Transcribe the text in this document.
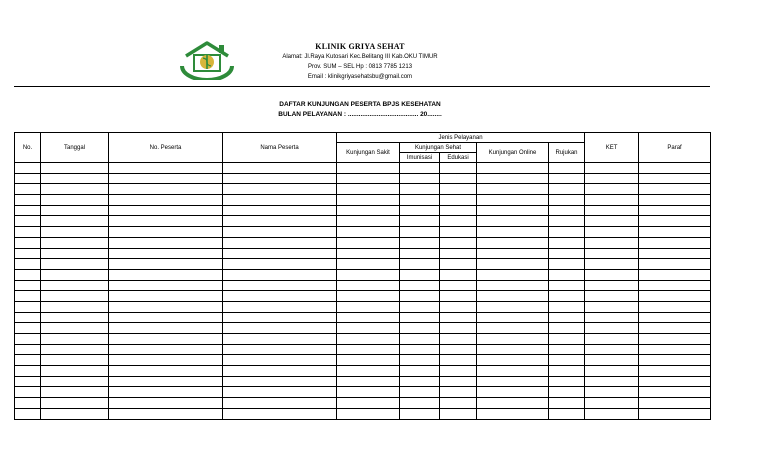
KLINIK GRIYA SEHAT
Alamat: Jl.Raya Kutosari Kec.Belitang III Kab.OKU TIMUR
Prov. SUM – SEL Hp : 0813 7785 1213
Email : klinikgriyasehatsbu@gmail.com
DAFTAR KUNJUNGAN PESERTA BPJS KESEHATAN
BULAN PELAYANAN : ....................................... 20........
No.	Tanggal	No. Peserta	Nama Peserta	Jenis Pelayanan					KET	Paraf
				Kunjungan Sakit	Kunjungan Sehat		Kunjungan Online	Rujukan		
					Imunisasi	Edukasi				
